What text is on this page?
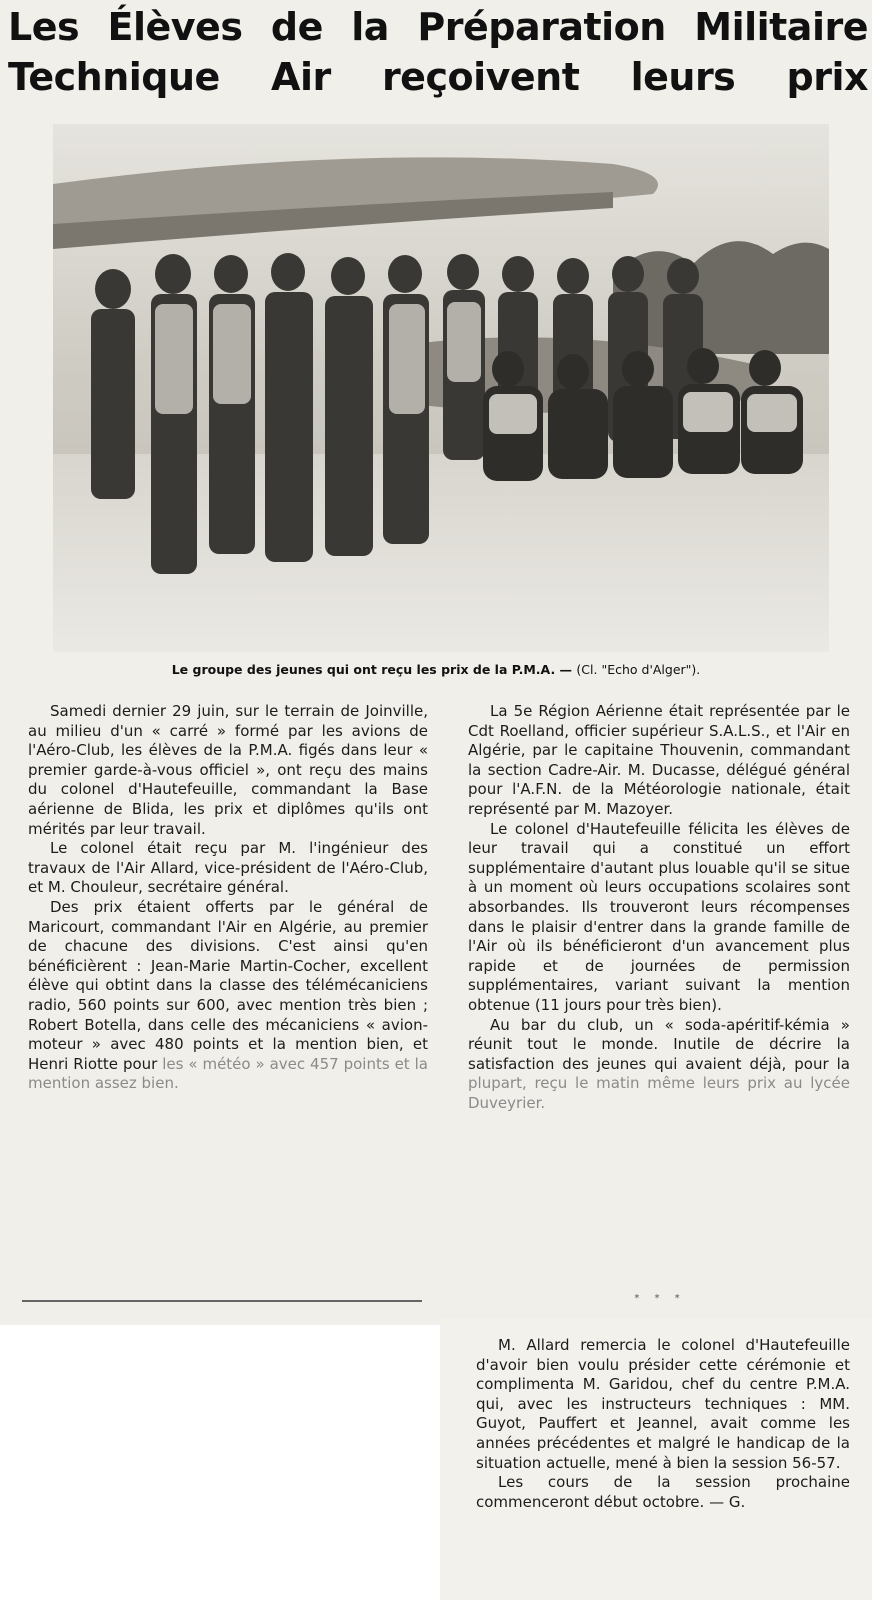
Les Élèves de la Préparation Militaire
Technique Air reçoivent leurs prix
Le groupe des jeunes qui ont reçu les prix de la P.M.A. — (Cl. "Echo d'Alger").

Samedi dernier 29 juin, sur le terrain de Joinville, au milieu d'un « carré » formé par les avions de l'Aéro-Club, les élèves de la P.M.A. figés dans leur « premier garde-à-vous officiel », ont reçu des mains du colonel d'Hautefeuille, commandant la Base aérienne de Blida, les prix et diplômes qu'ils ont mérités par leur travail.

Le colonel était reçu par M. l'ingénieur des travaux de l'Air Allard, vice-président de l'Aéro-Club, et M. Chouleur, secrétaire général.

Des prix étaient offerts par le général de Maricourt, commandant l'Air en Algérie, au premier de chacune des divisions. C'est ainsi qu'en bénéficièrent : Jean-Marie Martin-Cocher, excellent élève qui obtint dans la classe des télémécaniciens radio, 560 points sur 600, avec mention très bien ; Robert Botella, dans celle des mécaniciens « avion-moteur » avec 480 points et la mention bien, et Henri Riotte pour les « météo » avec 457 points et la mention assez bien.

La 5e Région Aérienne était représentée par le Cdt Roelland, officier supérieur S.A.L.S., et l'Air en Algérie, par le capitaine Thouvenin, commandant la section Cadre-Air. M. Ducasse, délégué général pour l'A.F.N. de la Météorologie nationale, était représenté par M. Mazoyer.

Le colonel d'Hautefeuille félicita les élèves de leur travail qui a constitué un effort supplémentaire d'autant plus louable qu'il se situe à un moment où leurs occupations scolaires sont absorbandes. Ils trouveront leurs récompenses dans le plaisir d'entrer dans la grande famille de l'Air où ils bénéficieront d'un avancement plus rapide et de journées de permission supplémentaires, variant suivant la mention obtenue (11 jours pour très bien).

Au bar du club, un « soda-apéritif-kémia » réunit tout le monde. Inutile de décrire la satisfaction des jeunes qui avaient déjà, pour la plupart, reçu le matin même leurs prix au lycée Duveyrier.

* * *

M. Allard remercia le colonel d'Hautefeuille d'avoir bien voulu présider cette cérémonie et complimenta M. Garidou, chef du centre P.M.A. qui, avec les instructeurs techniques : MM. Guyot, Pauffert et Jeannel, avait comme les années précédentes et malgré le handicap de la situation actuelle, mené à bien la session 56-57.

Les cours de la session prochaine commenceront début octobre. — G.
